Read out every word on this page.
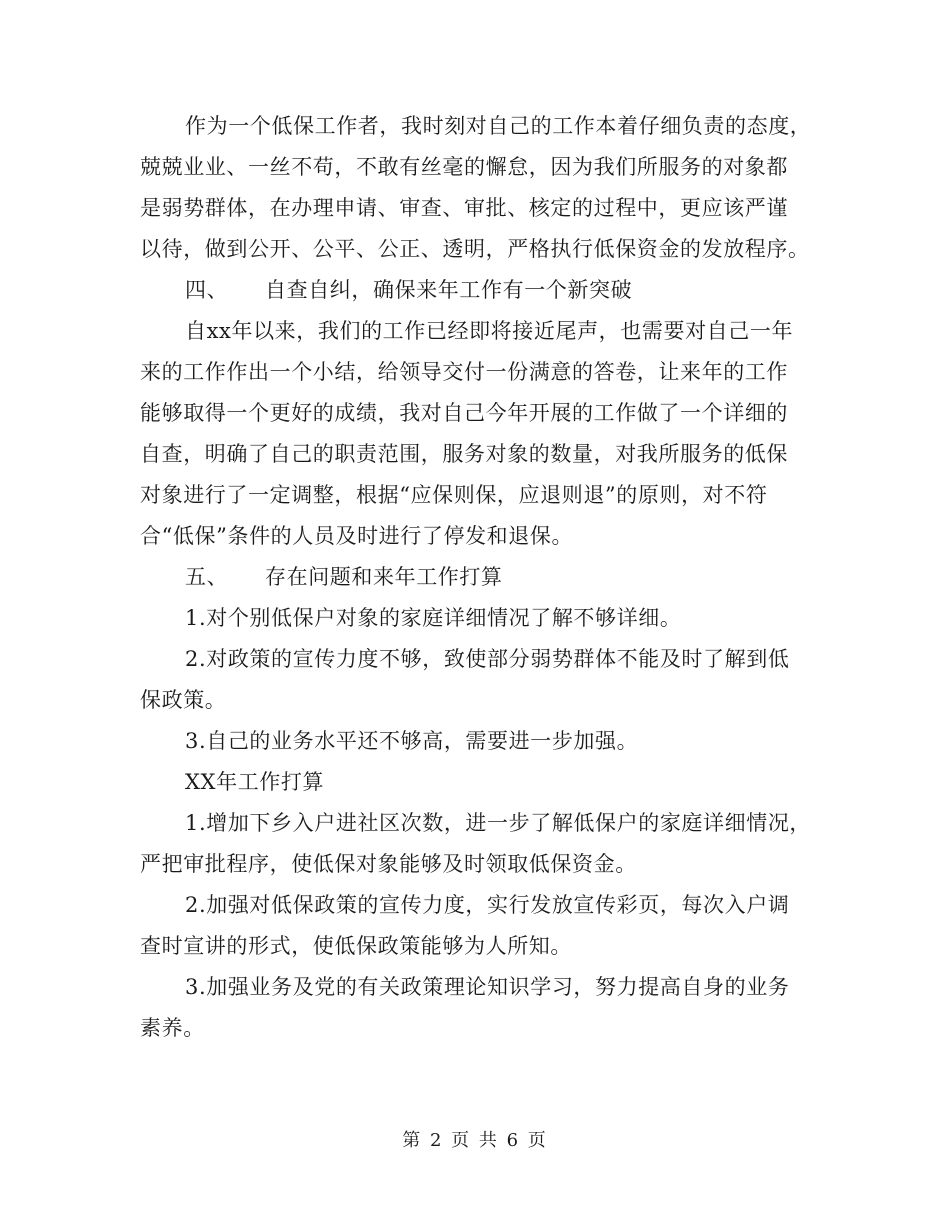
作为一个低保工作者，我时刻对自己的工作本着仔细负责的态度，
兢兢业业、一丝不苟，不敢有丝毫的懈怠，因为我们所服务的对象都
是弱势群体，在办理申请、审查、审批、核定的过程中，更应该严谨
以待，做到公开、公平、公正、透明，严格执行低保资金的发放程序。
四、 自查自纠，确保来年工作有一个新突破
自xx年以来，我们的工作已经即将接近尾声，也需要对自己一年
来的工作作出一个小结，给领导交付一份满意的答卷，让来年的工作
能够取得一个更好的成绩，我对自己今年开展的工作做了一个详细的
自查，明确了自己的职责范围，服务对象的数量，对我所服务的低保
对象进行了一定调整，根据“应保则保，应退则退”的原则，对不符
合“低保”条件的人员及时进行了停发和退保。
五、 存在问题和来年工作打算
1.对个别低保户对象的家庭详细情况了解不够详细。
2.对政策的宣传力度不够，致使部分弱势群体不能及时了解到低
保政策。
3.自己的业务水平还不够高，需要进一步加强。
XX年工作打算
1.增加下乡入户进社区次数，进一步了解低保户的家庭详细情况，
严把审批程序，使低保对象能够及时领取低保资金。
2.加强对低保政策的宣传力度，实行发放宣传彩页，每次入户调
查时宣讲的形式，使低保政策能够为人所知。
3.加强业务及党的有关政策理论知识学习，努力提高自身的业务
素养。
第 2 页 共 6 页
